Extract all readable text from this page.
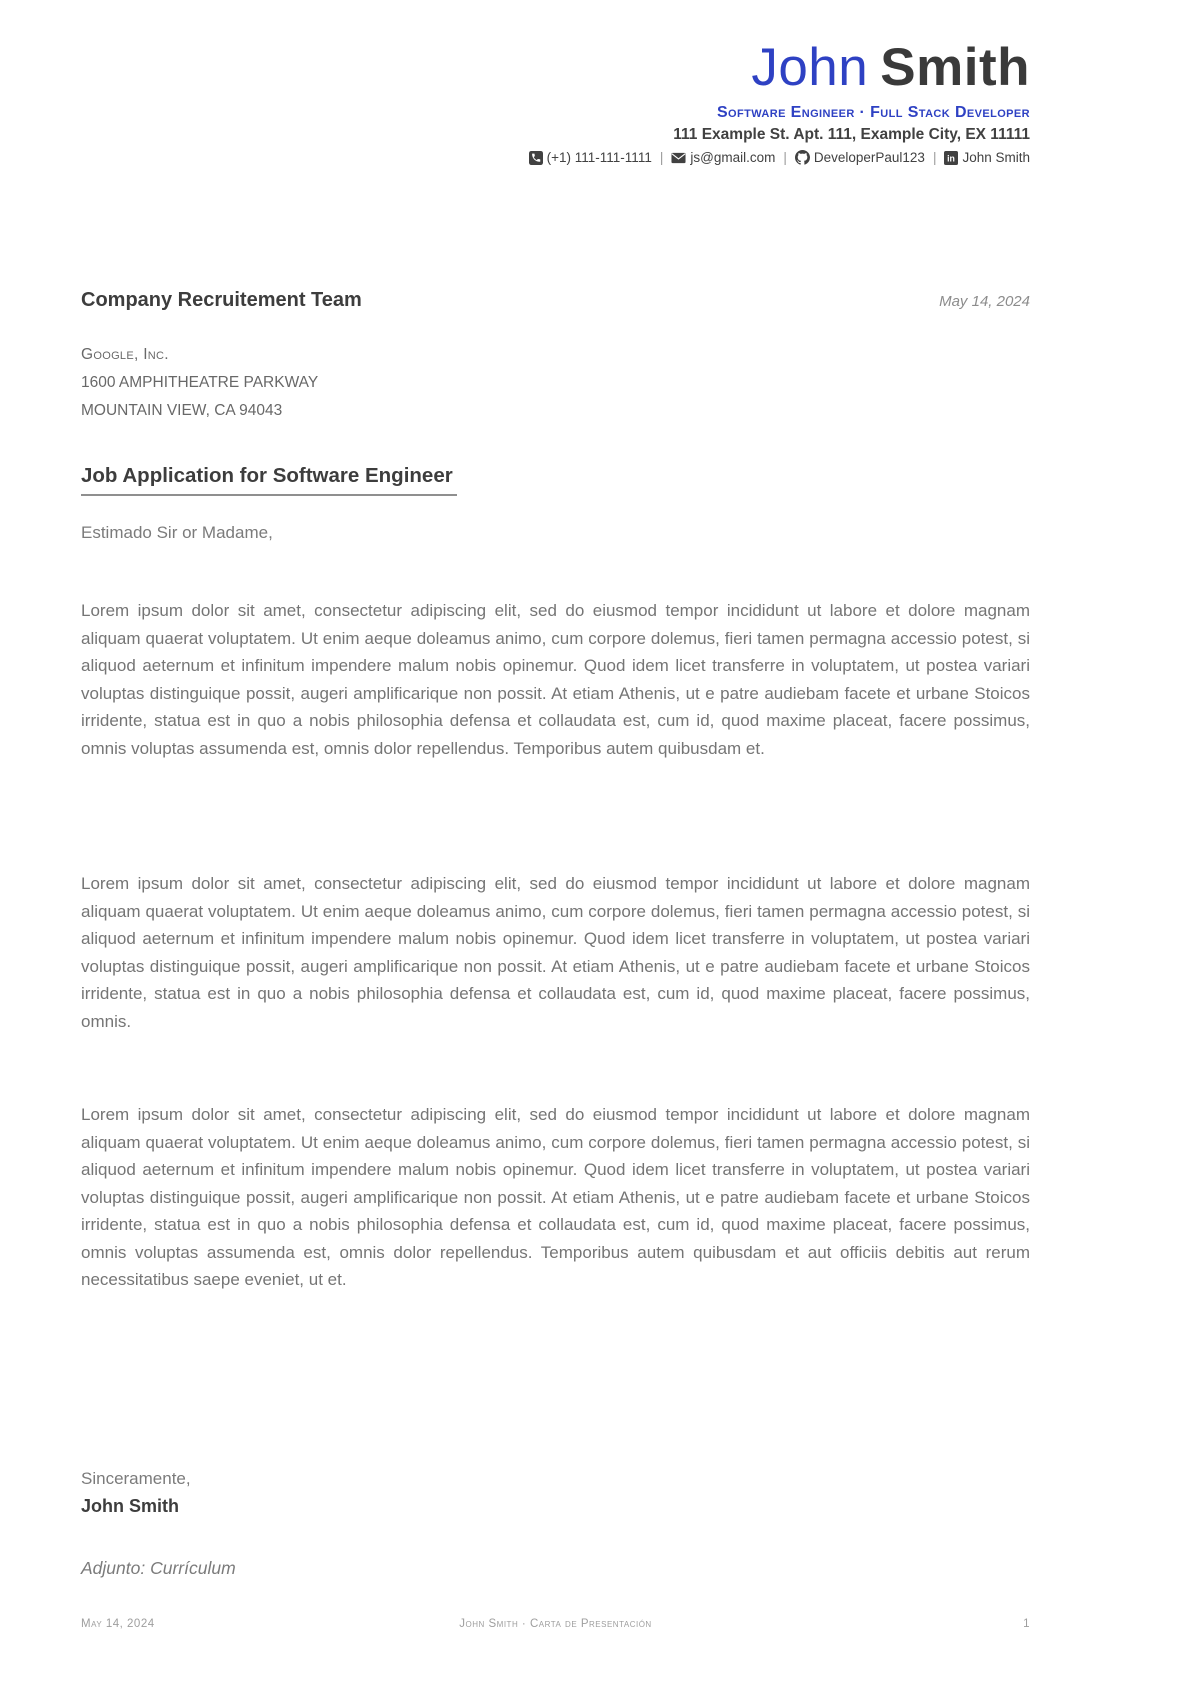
John Smith
Software Engineer · Full Stack Developer
111 Example St. Apt. 111, Example City, EX 11111
(+1) 111-111-1111 | js@gmail.com | DeveloperPaul123 | in John Smith
Company Recruitement Team	May 14, 2024
Google, Inc.
1600 AMPHITHEATRE PARKWAY
MOUNTAIN VIEW, CA 94043
Job Application for Software Engineer
Estimado Sir or Madame,

Lorem ipsum dolor sit amet, consectetur adipiscing elit, sed do eiusmod tempor incididunt ut labore et dolore magnam aliquam quaerat voluptatem. Ut enim aeque doleamus animo, cum corpore dolemus, fieri tamen permagna accessio potest, si aliquod aeternum et infinitum impendere malum nobis opinemur. Quod idem licet transferre in voluptatem, ut postea variari voluptas distinguique possit, augeri amplificarique non possit. At etiam Athenis, ut e patre audiebam facete et urbane Stoicos irridente, statua est in quo a nobis philosophia defensa et collaudata est, cum id, quod maxime placeat, facere possimus, omnis voluptas assumenda est, omnis dolor repellendus. Temporibus autem quibusdam et.

Lorem ipsum dolor sit amet, consectetur adipiscing elit, sed do eiusmod tempor incididunt ut labore et dolore magnam aliquam quaerat voluptatem. Ut enim aeque doleamus animo, cum corpore dolemus, fieri tamen permagna accessio potest, si aliquod aeternum et infinitum impendere malum nobis opinemur. Quod idem licet transferre in voluptatem, ut postea variari voluptas distinguique possit, augeri amplificarique non possit. At etiam Athenis, ut e patre audiebam facete et urbane Stoicos irridente, statua est in quo a nobis philosophia defensa et collaudata est, cum id, quod maxime placeat, facere possimus, omnis.

Lorem ipsum dolor sit amet, consectetur adipiscing elit, sed do eiusmod tempor incididunt ut labore et dolore magnam aliquam quaerat voluptatem. Ut enim aeque doleamus animo, cum corpore dolemus, fieri tamen permagna accessio potest, si aliquod aeternum et infinitum impendere malum nobis opinemur. Quod idem licet transferre in voluptatem, ut postea variari voluptas distinguique possit, augeri amplificarique non possit. At etiam Athenis, ut e patre audiebam facete et urbane Stoicos irridente, statua est in quo a nobis philosophia defensa et collaudata est, cum id, quod maxime placeat, facere possimus, omnis voluptas assumenda est, omnis dolor repellendus. Temporibus autem quibusdam et aut officiis debitis aut rerum necessitatibus saepe eveniet, ut et.

Sinceramente,
John Smith
Adjunto: Currículum
John Smith · Carta de Presentación
May 14, 2024	1
